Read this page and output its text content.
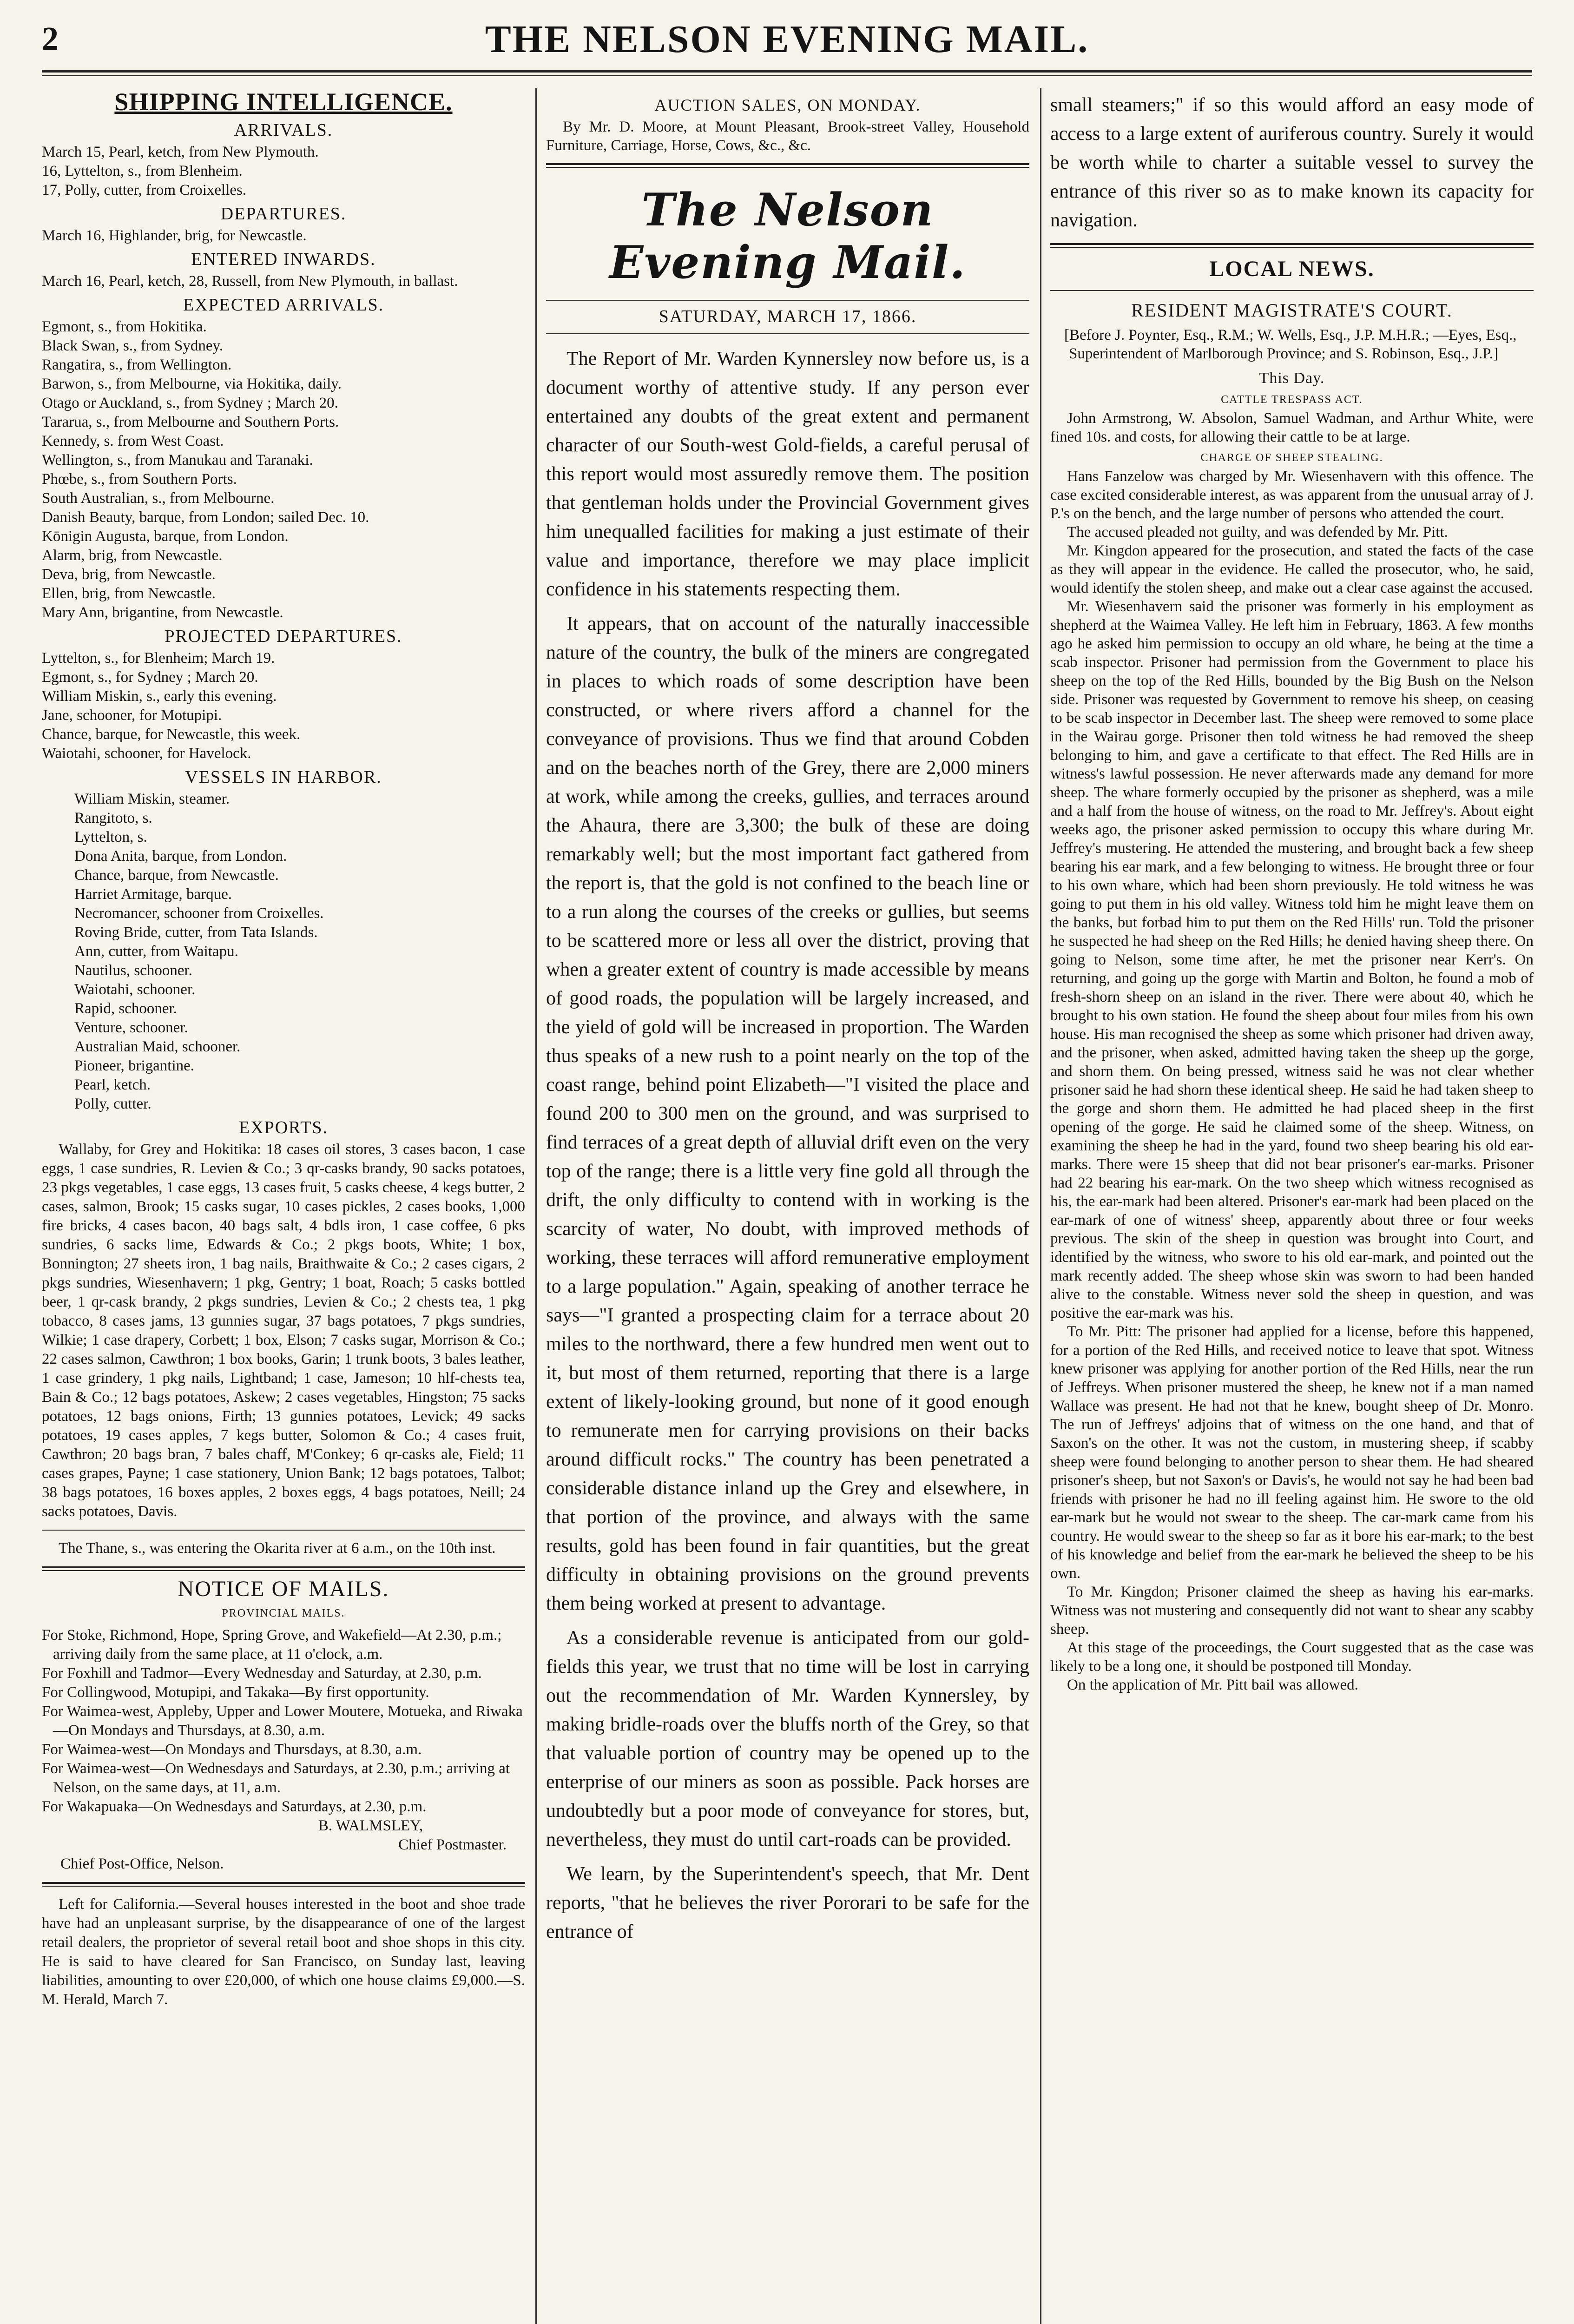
2	THE NELSON EVENING MAIL.
SHIPPING INTELLIGENCE.
ARRIVALS.

March 15, Pearl, ketch, from New Plymouth.

16, Lyttelton, s., from Blenheim.

17, Polly, cutter, from Croixelles.

DEPARTURES.

March 16, Highlander, brig, for Newcastle.

ENTERED INWARDS.

March 16, Pearl, ketch, 28, Russell, from New Plymouth, in ballast.

EXPECTED ARRIVALS.

Egmont, s., from Hokitika.

Black Swan, s., from Sydney.

Rangatira, s., from Wellington.

Barwon, s., from Melbourne, via Hokitika, daily.

Otago or Auckland, s., from Sydney ; March 20.

Tararua, s., from Melbourne and Southern Ports.

Kennedy, s. from West Coast.

Wellington, s., from Manukau and Taranaki.

Phœbe, s., from Southern Ports.

South Australian, s., from Melbourne.

Danish Beauty, barque, from London; sailed Dec. 10.

Kōnigin Augusta, barque, from London.

Alarm, brig, from Newcastle.

Deva, brig, from Newcastle.

Ellen, brig, from Newcastle.

Mary Ann, brigantine, from Newcastle.

PROJECTED DEPARTURES.

Lyttelton, s., for Blenheim; March 19.

Egmont, s., for Sydney ; March 20.

William Miskin, s., early this evening.

Jane, schooner, for Motupipi.

Chance, barque, for Newcastle, this week.

Waiotahi, schooner, for Havelock.

VESSELS IN HARBOR.

William Miskin, steamer.

Rangitoto, s.

Lyttelton, s.

Dona Anita, barque, from London.

Chance, barque, from Newcastle.

Harriet Armitage, barque.

Necromancer, schooner from Croixelles.

Roving Bride, cutter, from Tata Islands.

Ann, cutter, from Waitapu.

Nautilus, schooner.

Waiotahi, schooner.

Rapid, schooner.

Venture, schooner.

Australian Maid, schooner.

Pioneer, brigantine.

Pearl, ketch.

Polly, cutter.

EXPORTS.

Wallaby, for Grey and Hokitika: 18 cases oil stores, 3 cases bacon, 1 case eggs, 1 case sundries, R. Levien & Co.; 3 qr-casks brandy, 90 sacks potatoes, 23 pkgs vegetables, 1 case eggs, 13 cases fruit, 5 casks cheese, 4 kegs butter, 2 cases, salmon, Brook; 15 casks sugar, 10 cases pickles, 2 cases books, 1,000 fire bricks, 4 cases bacon, 40 bags salt, 4 bdls iron, 1 case coffee, 6 pks sundries, 6 sacks lime, Edwards & Co.; 2 pkgs boots, White; 1 box, Bonnington; 27 sheets iron, 1 bag nails, Braithwaite & Co.; 2 cases cigars, 2 pkgs sundries, Wiesenhavern; 1 pkg, Gentry; 1 boat, Roach; 5 casks bottled beer, 1 qr-cask brandy, 2 pkgs sundries, Levien & Co.; 2 chests tea, 1 pkg tobacco, 8 cases jams, 13 gunnies sugar, 37 bags potatoes, 7 pkgs sundries, Wilkie; 1 case drapery, Corbett; 1 box, Elson; 7 casks sugar, Morrison & Co.; 22 cases salmon, Cawthron; 1 box books, Garin; 1 trunk boots, 3 bales leather, 1 case grindery, 1 pkg nails, Lightband; 1 case, Jameson; 10 hlf-chests tea, Bain & Co.; 12 bags potatoes, Askew; 2 cases vegetables, Hingston; 75 sacks potatoes, 12 bags onions, Firth; 13 gunnies potatoes, Levick; 49 sacks potatoes, 19 cases apples, 7 kegs butter, Solomon & Co.; 4 cases fruit, Cawthron; 20 bags bran, 7 bales chaff, M'Conkey; 6 qr-casks ale, Field; 11 cases grapes, Payne; 1 case stationery, Union Bank; 12 bags potatoes, Talbot; 38 bags potatoes, 16 boxes apples, 2 boxes eggs, 4 bags potatoes, Neill; 24 sacks potatoes, Davis.

The Thane, s., was entering the Okarita river at 6 a.m., on the 10th inst.

NOTICE OF MAILS.
PROVINCIAL MAILS.

For Stoke, Richmond, Hope, Spring Grove, and Wakefield—At 2.30, p.m.; arriving daily from the same place, at 11 o'clock, a.m.

For Foxhill and Tadmor—Every Wednesday and Saturday, at 2.30, p.m.

For Collingwood, Motupipi, and Takaka—By first opportunity.

For Waimea-west, Appleby, Upper and Lower Moutere, Motueka, and Riwaka—On Mondays and Thursdays, at 8.30, a.m.

For Waimea-west—On Mondays and Thursdays, at 8.30, a.m.

For Waimea-west—On Wednesdays and Saturdays, at 2.30, p.m.; arriving at Nelson, on the same days, at 11, a.m.

For Wakapuaka—On Wednesdays and Saturdays, at 2.30, p.m.

B. WALMSLEY,
Chief Postmaster.
Chief Post-Office, Nelson.

Left for California.—Several houses interested in the boot and shoe trade have had an unpleasant surprise, by the disappearance of one of the largest retail dealers, the proprietor of several retail boot and shoe shops in this city. He is said to have cleared for San Francisco, on Sunday last, leaving liabilities, amounting to over £20,000, of which one house claims £9,000.—S. M. Herald, March 7.

AUCTION SALES, ON MONDAY.

By Mr. D. Moore, at Mount Pleasant, Brook-street Valley, Household Furniture, Carriage, Horse, Cows, &c., &c.

The Nelson Evening Mail.
SATURDAY, MARCH 17, 1866.

The Report of Mr. Warden Kynnersley now before us, is a document worthy of attentive study. If any person ever entertained any doubts of the great extent and permanent character of our South-west Gold-fields, a careful perusal of this report would most assuredly remove them. The position that gentleman holds under the Provincial Government gives him unequalled facilities for making a just estimate of their value and importance, therefore we may place implicit confidence in his statements respecting them.

It appears, that on account of the naturally inaccessible nature of the country, the bulk of the miners are congregated in places to which roads of some description have been constructed, or where rivers afford a channel for the conveyance of provisions. Thus we find that around Cobden and on the beaches north of the Grey, there are 2,000 miners at work, while among the creeks, gullies, and terraces around the Ahaura, there are 3,300; the bulk of these are doing remarkably well; but the most important fact gathered from the report is, that the gold is not confined to the beach line or to a run along the courses of the creeks or gullies, but seems to be scattered more or less all over the district, proving that when a greater extent of country is made accessible by means of good roads, the population will be largely increased, and the yield of gold will be increased in proportion. The Warden thus speaks of a new rush to a point nearly on the top of the coast range, behind point Elizabeth—"I visited the place and found 200 to 300 men on the ground, and was surprised to find terraces of a great depth of alluvial drift even on the very top of the range; there is a little very fine gold all through the drift, the only difficulty to contend with in working is the scarcity of water, No doubt, with improved methods of working, these terraces will afford remunerative employment to a large population." Again, speaking of another terrace he says—"I granted a prospecting claim for a terrace about 20 miles to the northward, there a few hundred men went out to it, but most of them returned, reporting that there is a large extent of likely-looking ground, but none of it good enough to remunerate men for carrying provisions on their backs around difficult rocks." The country has been penetrated a considerable distance inland up the Grey and elsewhere, in that portion of the province, and always with the same results, gold has been found in fair quantities, but the great difficulty in obtaining provisions on the ground prevents them being worked at present to advantage.

As a considerable revenue is anticipated from our gold-fields this year, we trust that no time will be lost in carrying out the recommendation of Mr. Warden Kynnersley, by making bridle-roads over the bluffs north of the Grey, so that that valuable portion of country may be opened up to the enterprise of our miners as soon as possible. Pack horses are undoubtedly but a poor mode of conveyance for stores, but, nevertheless, they must do until cart-roads can be provided.

We learn, by the Superintendent's speech, that Mr. Dent reports, "that he believes the river Pororari to be safe for the entrance of

small steamers;" if so this would afford an easy mode of access to a large extent of auriferous country. Surely it would be worth while to charter a suitable vessel to survey the entrance of this river so as to make known its capacity for navigation.

LOCAL NEWS.
RESIDENT MAGISTRATE'S COURT.

[Before J. Poynter, Esq., R.M.; W. Wells, Esq., J.P. M.H.R.; —Eyes, Esq., Superintendent of Marlborough Province; and S. Robinson, Esq., J.P.]

This Day.
CATTLE TRESPASS ACT.

John Armstrong, W. Absolon, Samuel Wadman, and Arthur White, were fined 10s. and costs, for allowing their cattle to be at large.

CHARGE OF SHEEP STEALING.

Hans Fanzelow was charged by Mr. Wiesenhavern with this offence. The case excited considerable interest, as was apparent from the unusual array of J. P.'s on the bench, and the large number of persons who attended the court.

The accused pleaded not guilty, and was defended by Mr. Pitt.

Mr. Kingdon appeared for the prosecution, and stated the facts of the case as they will appear in the evidence. He called the prosecutor, who, he said, would identify the stolen sheep, and make out a clear case against the accused.

Mr. Wiesenhavern said the prisoner was formerly in his employment as shepherd at the Waimea Valley. He left him in February, 1863. A few months ago he asked him permission to occupy an old whare, he being at the time a scab inspector. Prisoner had permission from the Government to place his sheep on the top of the Red Hills, bounded by the Big Bush on the Nelson side. Prisoner was requested by Government to remove his sheep, on ceasing to be scab inspector in December last. The sheep were removed to some place in the Wairau gorge. Prisoner then told witness he had removed the sheep belonging to him, and gave a certificate to that effect. The Red Hills are in witness's lawful possession. He never afterwards made any demand for more sheep. The whare formerly occupied by the prisoner as shepherd, was a mile and a half from the house of witness, on the road to Mr. Jeffrey's. About eight weeks ago, the prisoner asked permission to occupy this whare during Mr. Jeffrey's mustering. He attended the mustering, and brought back a few sheep bearing his ear mark, and a few belonging to witness. He brought three or four to his own whare, which had been shorn previously. He told witness he was going to put them in his old valley. Witness told him he might leave them on the banks, but forbad him to put them on the Red Hills' run. Told the prisoner he suspected he had sheep on the Red Hills; he denied having sheep there. On going to Nelson, some time after, he met the prisoner near Kerr's. On returning, and going up the gorge with Martin and Bolton, he found a mob of fresh-shorn sheep on an island in the river. There were about 40, which he brought to his own station. He found the sheep about four miles from his own house. His man recognised the sheep as some which prisoner had driven away, and the prisoner, when asked, admitted having taken the sheep up the gorge, and shorn them. On being pressed, witness said he was not clear whether prisoner said he had shorn these identical sheep. He said he had taken sheep to the gorge and shorn them. He admitted he had placed sheep in the first opening of the gorge. He said he claimed some of the sheep. Witness, on examining the sheep he had in the yard, found two sheep bearing his old ear-marks. There were 15 sheep that did not bear prisoner's ear-marks. Prisoner had 22 bearing his ear-mark. On the two sheep which witness recognised as his, the ear-mark had been altered. Prisoner's ear-mark had been placed on the ear-mark of one of witness' sheep, apparently about three or four weeks previous. The skin of the sheep in question was brought into Court, and identified by the witness, who swore to his old ear-mark, and pointed out the mark recently added. The sheep whose skin was sworn to had been handed alive to the constable. Witness never sold the sheep in question, and was positive the ear-mark was his.

To Mr. Pitt: The prisoner had applied for a license, before this happened, for a portion of the Red Hills, and received notice to leave that spot. Witness knew prisoner was applying for another portion of the Red Hills, near the run of Jeffreys. When prisoner mustered the sheep, he knew not if a man named Wallace was present. He had not that he knew, bought sheep of Dr. Monro. The run of Jeffreys' adjoins that of witness on the one hand, and that of Saxon's on the other. It was not the custom, in mustering sheep, if scabby sheep were found belonging to another person to shear them. He had sheared prisoner's sheep, but not Saxon's or Davis's, he would not say he had been bad friends with prisoner he had no ill feeling against him. He swore to the old ear-mark but he would not swear to the sheep. The car-mark came from his country. He would swear to the sheep so far as it bore his ear-mark; to the best of his knowledge and belief from the ear-mark he believed the sheep to be his own.

To Mr. Kingdon; Prisoner claimed the sheep as having his ear-marks. Witness was not mustering and consequently did not want to shear any scabby sheep.

At this stage of the proceedings, the Court suggested that as the case was likely to be a long one, it should be postponed till Monday.

On the application of Mr. Pitt bail was allowed.
